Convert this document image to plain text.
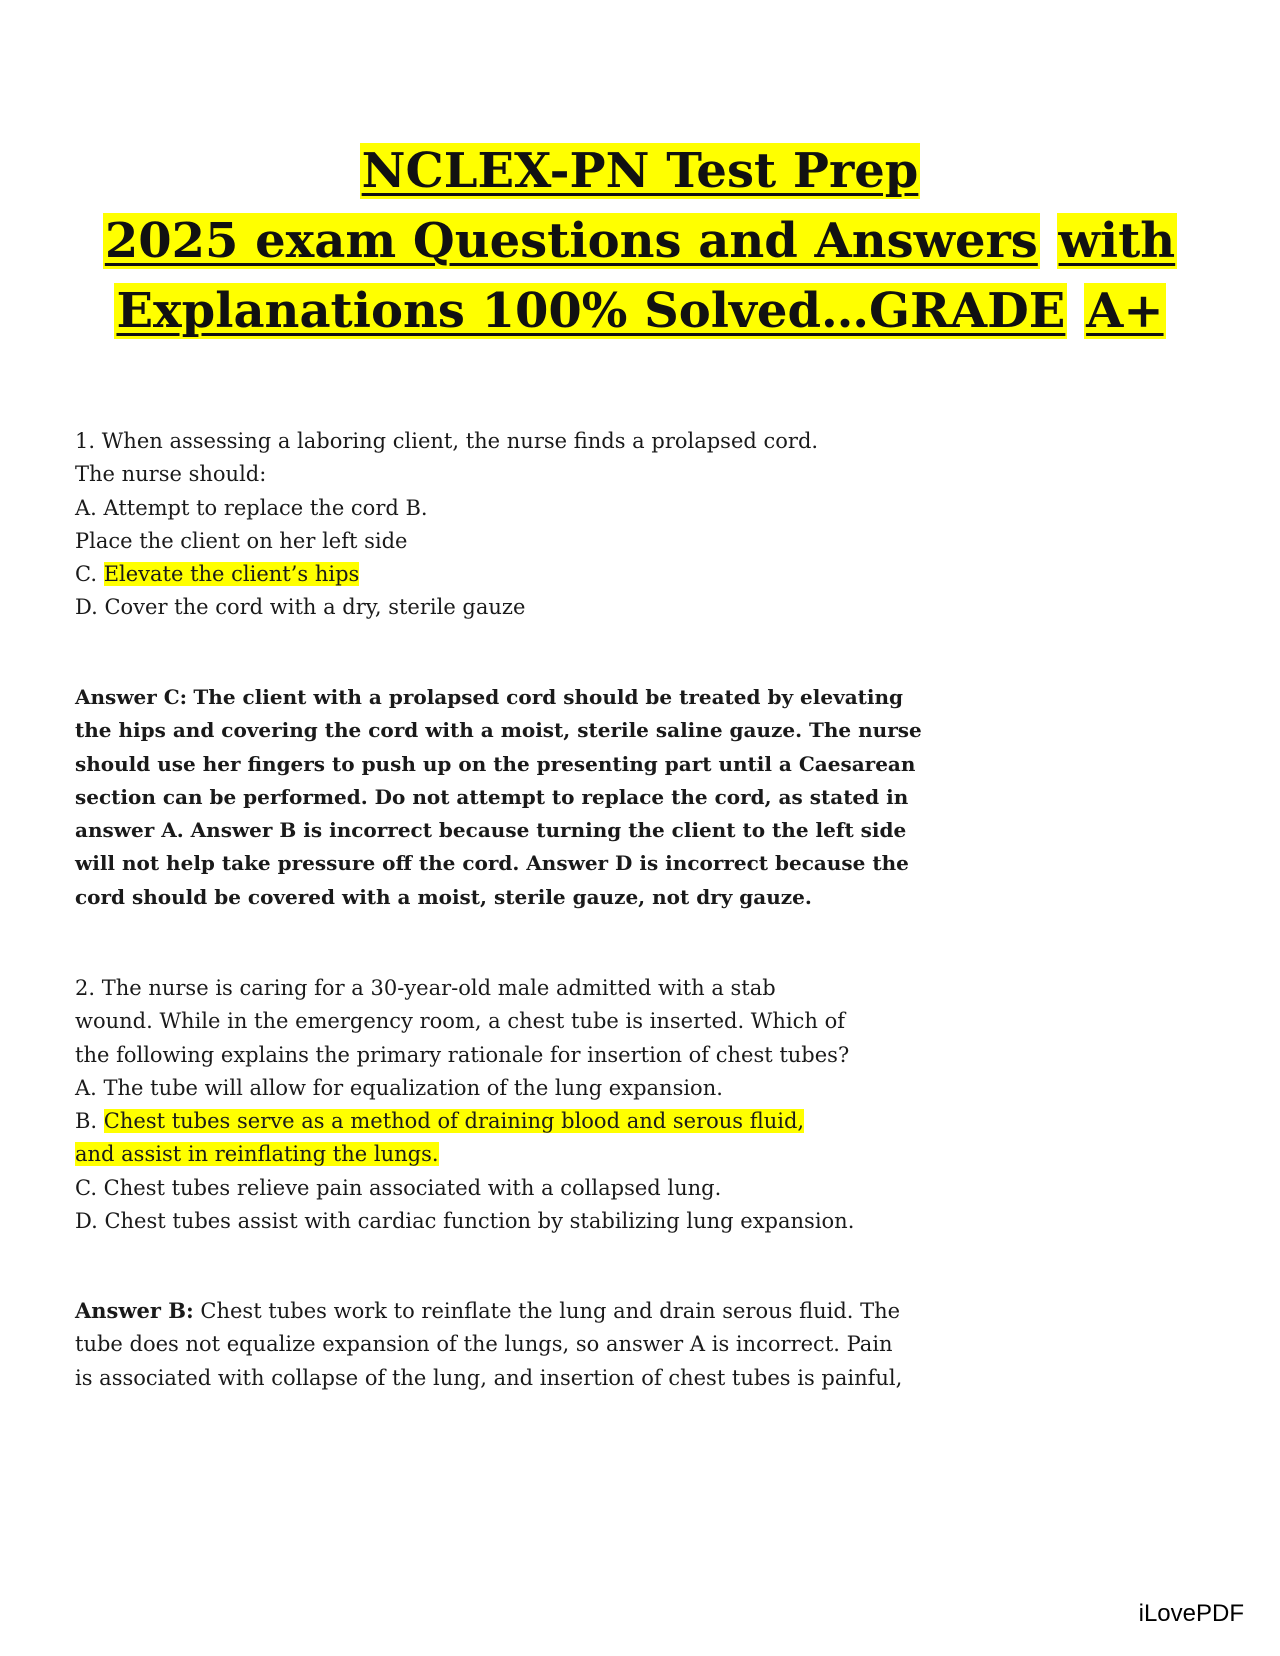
NCLEX-PN Test Prep
2025 exam Questions and Answers with
Explanations 100% Solved…GRADE A+
1. When assessing a laboring client, the nurse finds a prolapsed cord.
The nurse should:
A. Attempt to replace the cord B.
Place the client on her left side
C. Elevate the client’s hips
D. Cover the cord with a dry, sterile gauze
Answer C: The client with a prolapsed cord should be treated by elevating
the hips and covering the cord with a moist, sterile saline gauze. The nurse
should use her fingers to push up on the presenting part until a Caesarean
section can be performed. Do not attempt to replace the cord, as stated in
answer A. Answer B is incorrect because turning the client to the left side
will not help take pressure off the cord. Answer D is incorrect because the
cord should be covered with a moist, sterile gauze, not dry gauze.
2. The nurse is caring for a 30-year-old male admitted with a stab
wound. While in the emergency room, a chest tube is inserted. Which of
the following explains the primary rationale for insertion of chest tubes?
A. The tube will allow for equalization of the lung expansion.
B. Chest tubes serve as a method of draining blood and serous fluid,
and assist in reinflating the lungs.
C. Chest tubes relieve pain associated with a collapsed lung.
D. Chest tubes assist with cardiac function by stabilizing lung expansion.
Answer B: Chest tubes work to reinflate the lung and drain serous fluid. The
tube does not equalize expansion of the lungs, so answer A is incorrect. Pain
is associated with collapse of the lung, and insertion of chest tubes is painful,
iLovePDF
